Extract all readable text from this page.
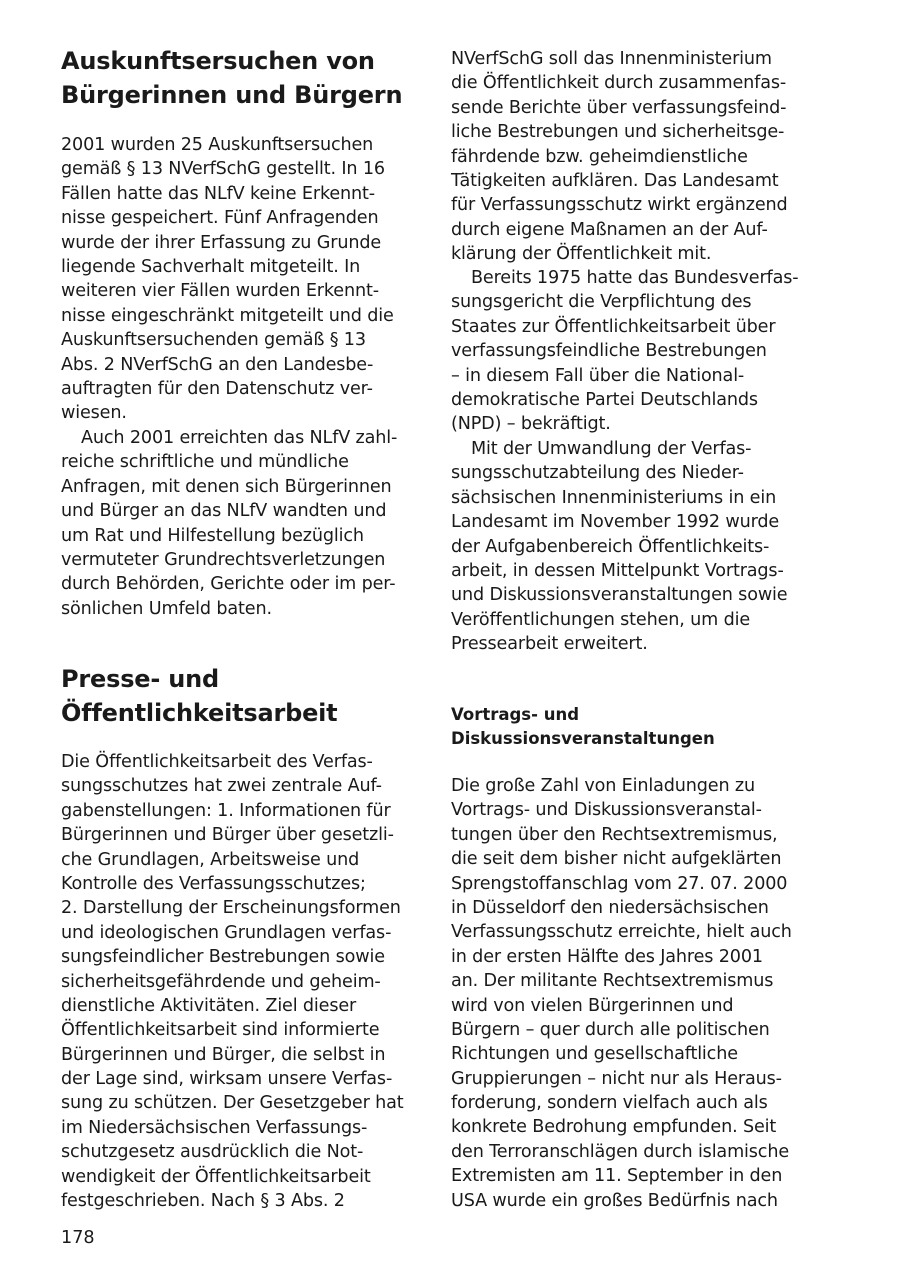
Auskunftsersuchen von
Bürgerinnen und Bürgern
2001 wurden 25 Auskunftsersuchen
gemäß § 13 NVerfSchG gestellt. In 16
Fällen hatte das NLfV keine Erkennt-
nisse gespeichert. Fünf Anfragenden
wurde der ihrer Erfassung zu Grunde
liegende Sachverhalt mitgeteilt. In
weiteren vier Fällen wurden Erkennt-
nisse eingeschränkt mitgeteilt und die
Auskunftsersuchenden gemäß § 13
Abs. 2 NVerfSchG an den Landesbe-
auftragten für den Datenschutz ver-
wiesen.
Auch 2001 erreichten das NLfV zahl-
reiche schriftliche und mündliche
Anfragen, mit denen sich Bürgerinnen
und Bürger an das NLfV wandten und
um Rat und Hilfestellung bezüglich
vermuteter Grundrechtsverletzungen
durch Behörden, Gerichte oder im per-
sönlichen Umfeld baten.
Presse- und
Öffentlichkeitsarbeit
Die Öffentlichkeitsarbeit des Verfas-
sungsschutzes hat zwei zentrale Auf-
gabenstellungen: 1. Informationen für
Bürgerinnen und Bürger über gesetzli-
che Grundlagen, Arbeitsweise und
Kontrolle des Verfassungsschutzes;
2. Darstellung der Erscheinungsformen
und ideologischen Grundlagen verfas-
sungsfeindlicher Bestrebungen sowie
sicherheitsgefährdende und geheim-
dienstliche Aktivitäten. Ziel dieser
Öffentlichkeitsarbeit sind informierte
Bürgerinnen und Bürger, die selbst in
der Lage sind, wirksam unsere Verfas-
sung zu schützen. Der Gesetzgeber hat
im Niedersächsischen Verfassungs-
schutzgesetz ausdrücklich die Not-
wendigkeit der Öffentlichkeitsarbeit
festgeschrieben. Nach § 3 Abs. 2
NVerfSchG soll das Innenministerium
die Öffentlichkeit durch zusammenfas-
sende Berichte über verfassungsfeind-
liche Bestrebungen und sicherheitsge-
fährdende bzw. geheimdienstliche
Tätigkeiten aufklären. Das Landesamt
für Verfassungsschutz wirkt ergänzend
durch eigene Maßnamen an der Auf-
klärung der Öffentlichkeit mit.
Bereits 1975 hatte das Bundesverfas-
sungsgericht die Verpflichtung des
Staates zur Öffentlichkeitsarbeit über
verfassungsfeindliche Bestrebungen
– in diesem Fall über die National-
demokratische Partei Deutschlands
(NPD) – bekräftigt.
Mit der Umwandlung der Verfas-
sungsschutzabteilung des Nieder-
sächsischen Innenministeriums in ein
Landesamt im November 1992 wurde
der Aufgabenbereich Öffentlichkeits-
arbeit, in dessen Mittelpunkt Vortrags-
und Diskussionsveranstaltungen sowie
Veröffentlichungen stehen, um die
Pressearbeit erweitert.
Vortrags- und
Diskussionsveranstaltungen
Die große Zahl von Einladungen zu
Vortrags- und Diskussionsveranstal-
tungen über den Rechtsextremismus,
die seit dem bisher nicht aufgeklärten
Sprengstoffanschlag vom 27. 07. 2000
in Düsseldorf den niedersächsischen
Verfassungsschutz erreichte, hielt auch
in der ersten Hälfte des Jahres 2001
an. Der militante Rechtsextremismus
wird von vielen Bürgerinnen und
Bürgern – quer durch alle politischen
Richtungen und gesellschaftliche
Gruppierungen – nicht nur als Heraus-
forderung, sondern vielfach auch als
konkrete Bedrohung empfunden. Seit
den Terroranschlägen durch islamische
Extremisten am 11. September in den
USA wurde ein großes Bedürfnis nach
178
